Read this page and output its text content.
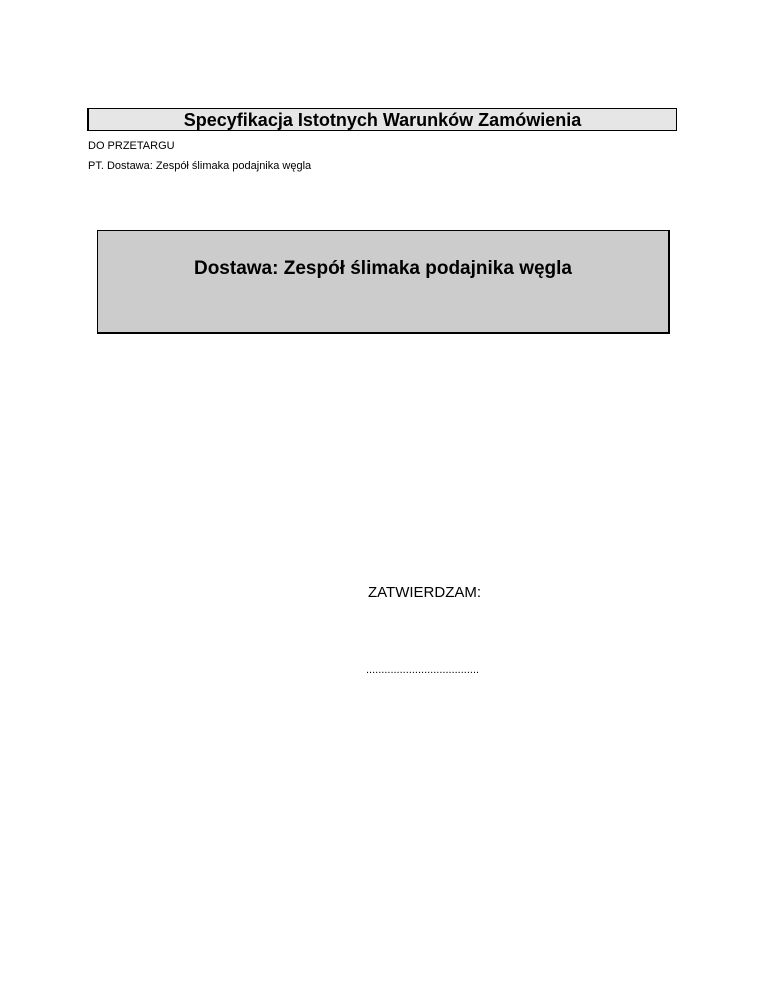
Specyfikacja Istotnych Warunków Zamówienia
DO PRZETARGU
PT. Dostawa: Zespół ślimaka podajnika węgla
Dostawa: Zespół ślimaka podajnika węgla
ZATWIERDZAM:
.....................................
